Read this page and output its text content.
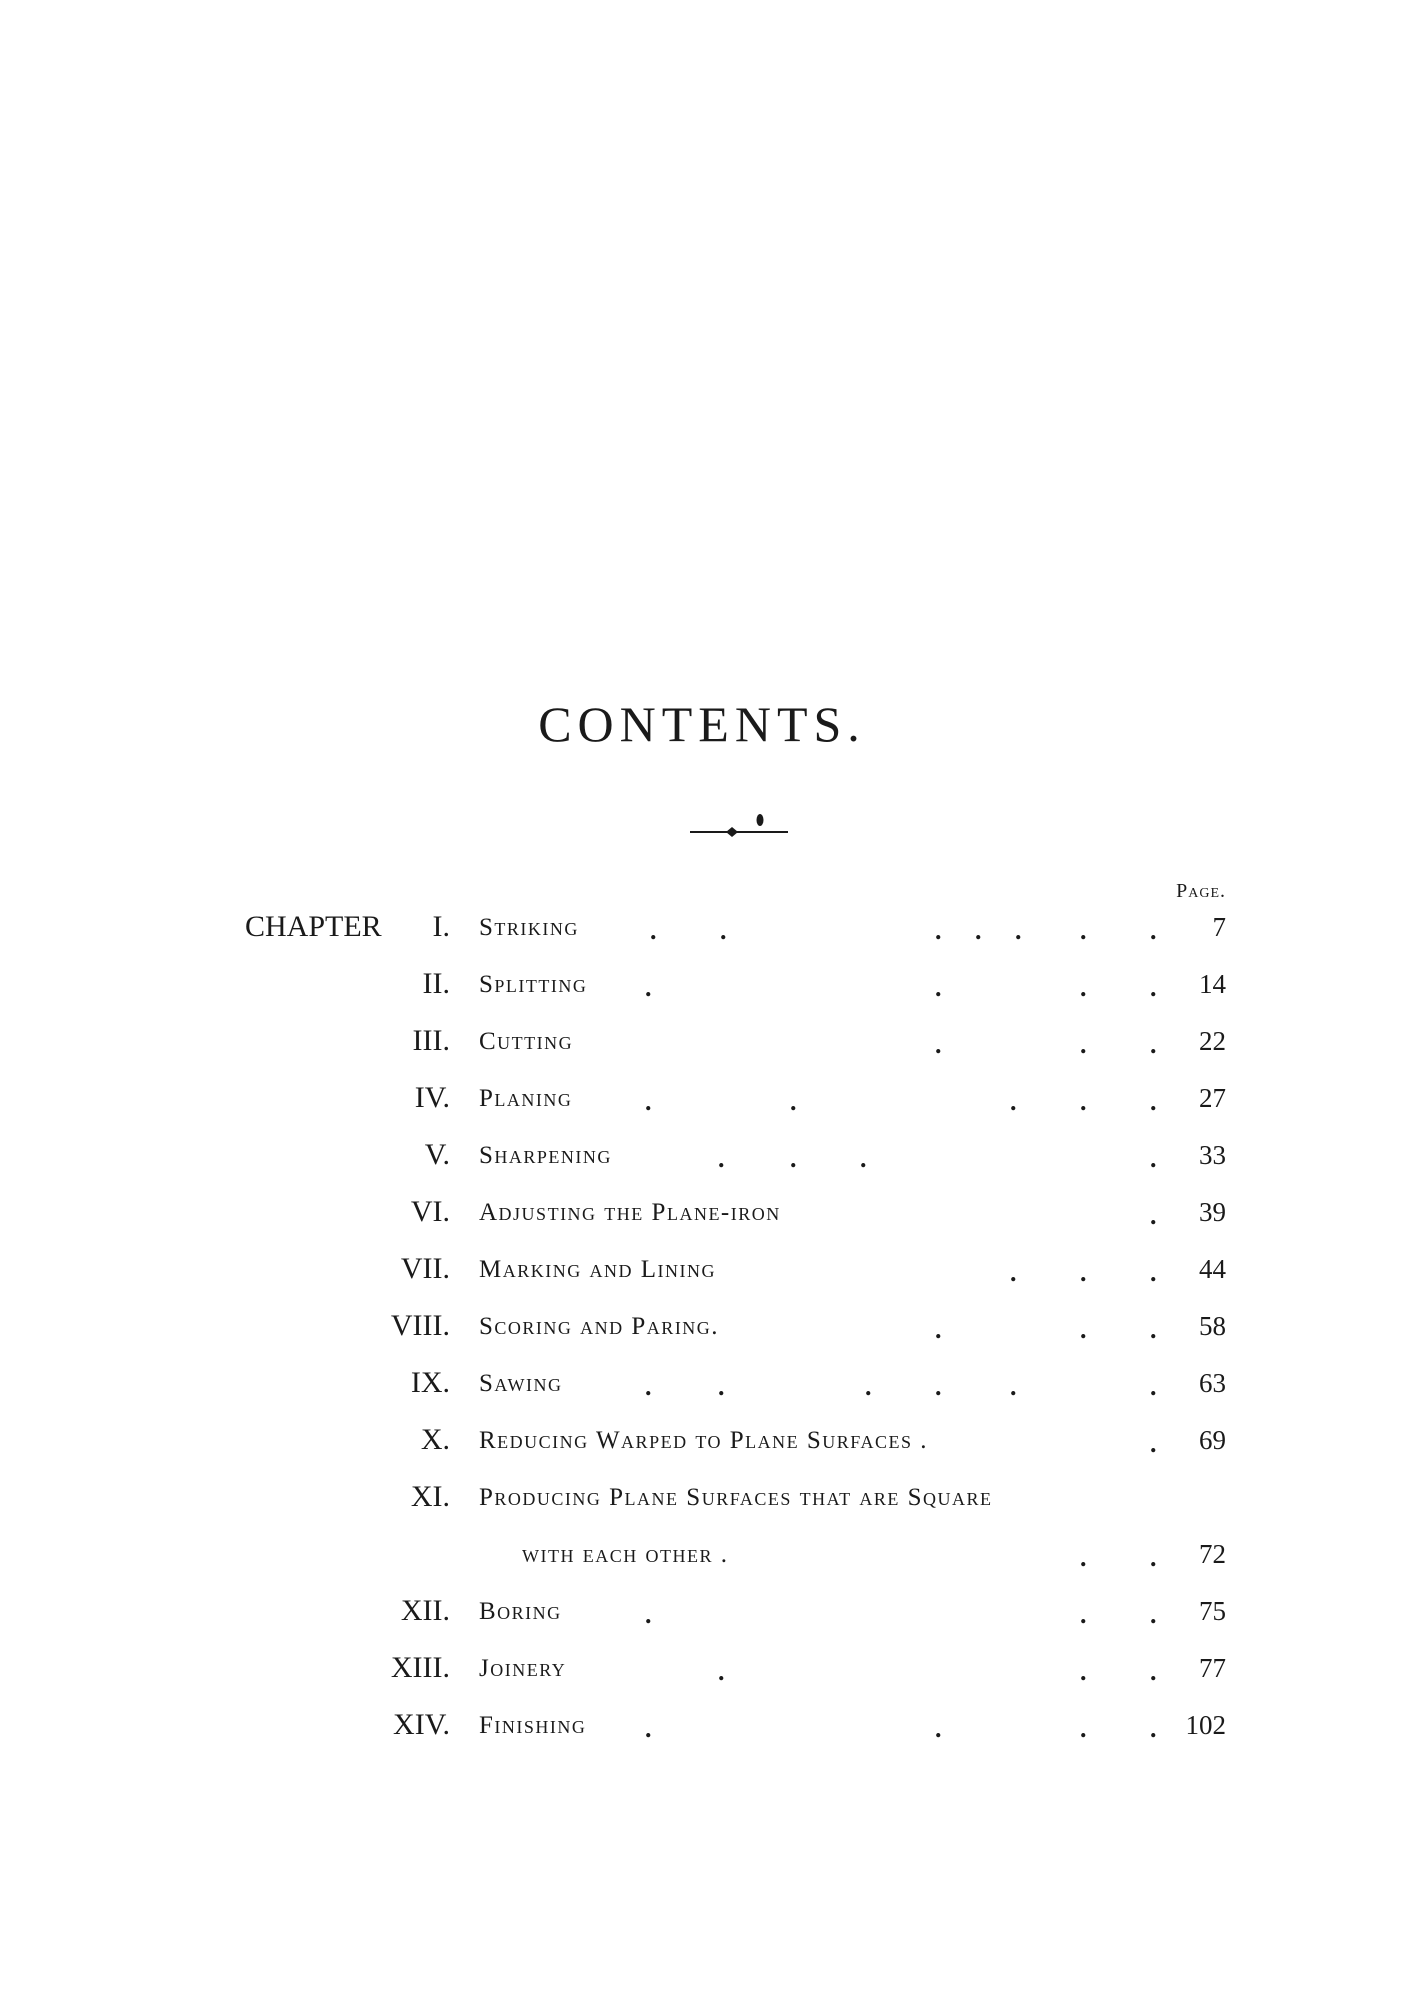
CONTENTS.
Page.
CHAPTER	I. Striking	. .	. . . . .	7
II. Splitting .	.	. .	14
III. Cutting	.	. .	22
IV. Planing	.	.	. . .	27
V. Sharpening	.	. .	.	33
VI. Adjusting the Plane-iron	.	39
VII. Marking and Lining	. . .	44
VIII. Scoring and Paring.	.	. .	58
IX. Sawing	.	.	. .	.	.	63
X. Reducing Warped to Plane Surfaces .	.	69
XI. Producing Plane Surfaces that are Square
with each other .	. .	72
XII. Boring	.	. .	75
XIII. Joinery	.	. .	77
XIV. Finishing .	.	. .	102
